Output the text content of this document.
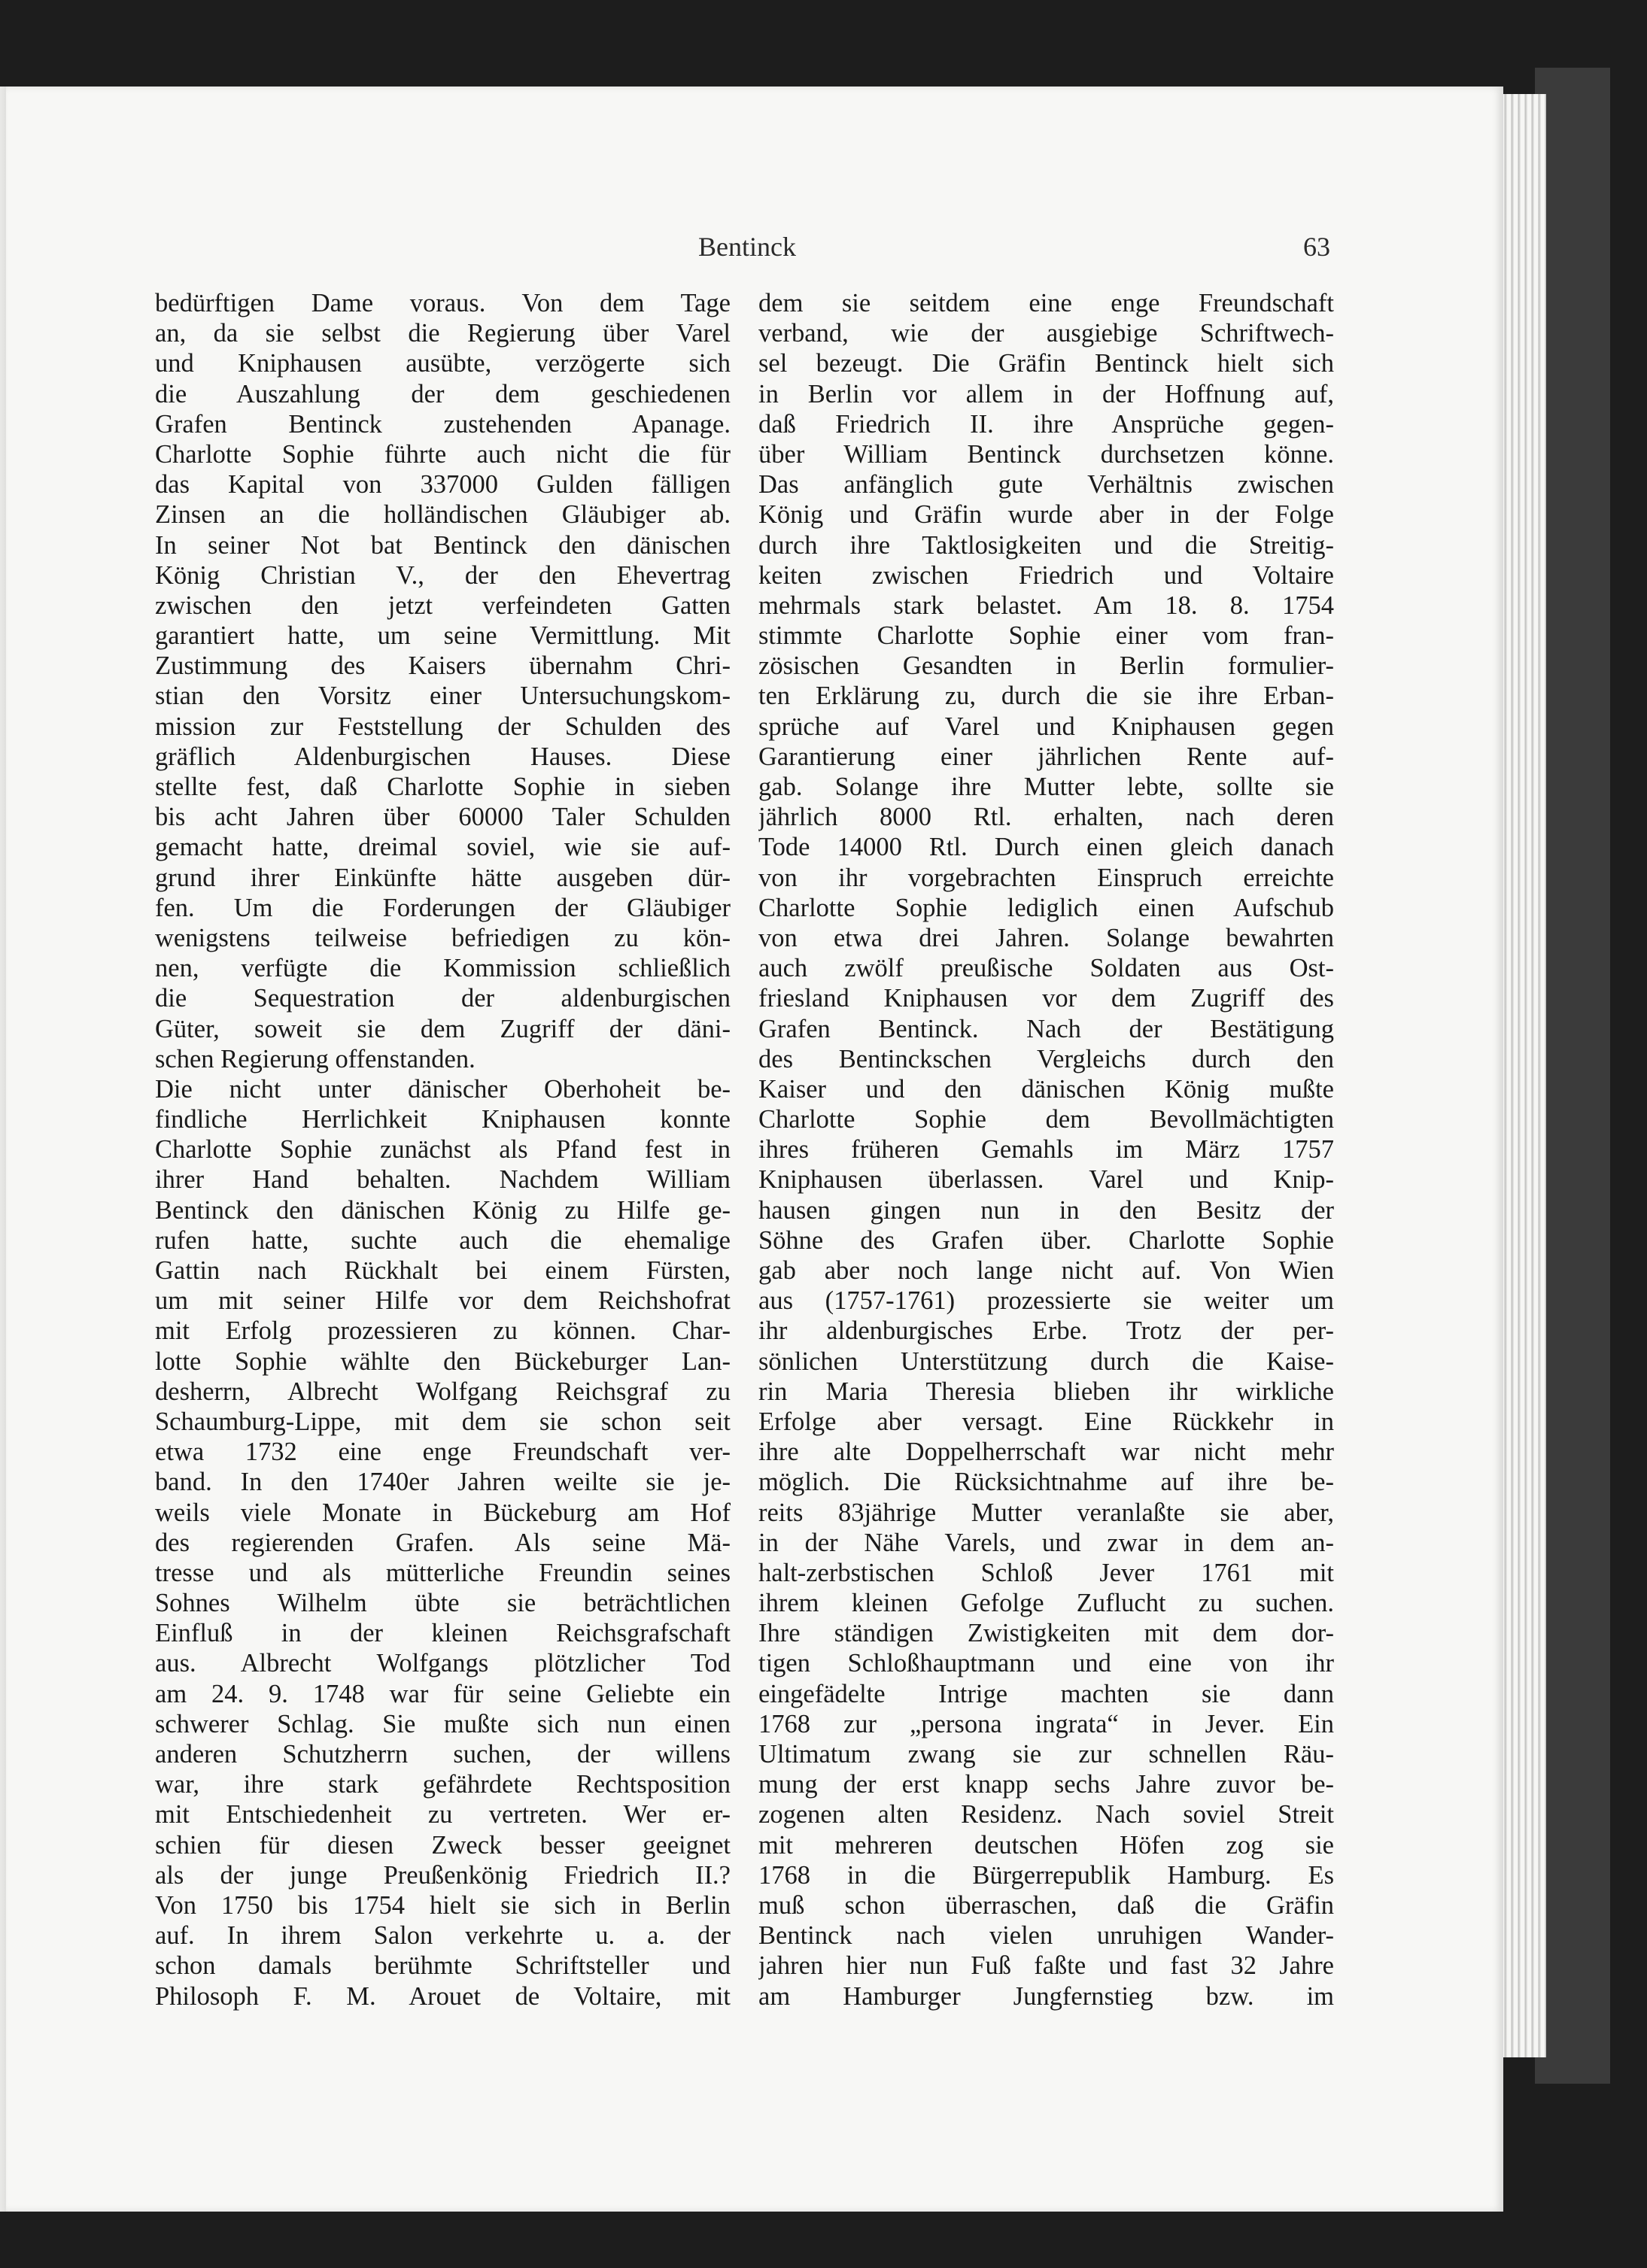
Bentinck	63
bedürftigen Dame voraus. Von dem Tage
an, da sie selbst die Regierung über Varel
und Kniphausen ausübte, verzögerte sich
die Auszahlung der dem geschiedenen
Grafen Bentinck zustehenden Apanage.
Charlotte Sophie führte auch nicht die für
das Kapital von 337000 Gulden fälligen
Zinsen an die holländischen Gläubiger ab.
In seiner Not bat Bentinck den dänischen
König Christian V., der den Ehevertrag
zwischen den jetzt verfeindeten Gatten
garantiert hatte, um seine Vermittlung. Mit
Zustimmung des Kaisers übernahm Chri-
stian den Vorsitz einer Untersuchungskom-
mission zur Feststellung der Schulden des
gräflich Aldenburgischen Hauses. Diese
stellte fest, daß Charlotte Sophie in sieben
bis acht Jahren über 60000 Taler Schulden
gemacht hatte, dreimal soviel, wie sie auf-
grund ihrer Einkünfte hätte ausgeben dür-
fen. Um die Forderungen der Gläubiger
wenigstens teilweise befriedigen zu kön-
nen, verfügte die Kommission schließlich
die Sequestration der aldenburgischen
Güter, soweit sie dem Zugriff der däni-
schen Regierung offenstanden.
Die nicht unter dänischer Oberhoheit be-
findliche Herrlichkeit Kniphausen konnte
Charlotte Sophie zunächst als Pfand fest in
ihrer Hand behalten. Nachdem William
Bentinck den dänischen König zu Hilfe ge-
rufen hatte, suchte auch die ehemalige
Gattin nach Rückhalt bei einem Fürsten,
um mit seiner Hilfe vor dem Reichshofrat
mit Erfolg prozessieren zu können. Char-
lotte Sophie wählte den Bückeburger Lan-
desherrn, Albrecht Wolfgang Reichsgraf zu
Schaumburg-Lippe, mit dem sie schon seit
etwa 1732 eine enge Freundschaft ver-
band. In den 1740er Jahren weilte sie je-
weils viele Monate in Bückeburg am Hof
des regierenden Grafen. Als seine Mä-
tresse und als mütterliche Freundin seines
Sohnes Wilhelm übte sie beträchtlichen
Einfluß in der kleinen Reichsgrafschaft
aus. Albrecht Wolfgangs plötzlicher Tod
am 24. 9. 1748 war für seine Geliebte ein
schwerer Schlag. Sie mußte sich nun einen
anderen Schutzherrn suchen, der willens
war, ihre stark gefährdete Rechtsposition
mit Entschiedenheit zu vertreten. Wer er-
schien für diesen Zweck besser geeignet
als der junge Preußenkönig Friedrich II.?
Von 1750 bis 1754 hielt sie sich in Berlin
auf. In ihrem Salon verkehrte u. a. der
schon damals berühmte Schriftsteller und
Philosoph F. M. Arouet de Voltaire, mit
dem sie seitdem eine enge Freundschaft
verband, wie der ausgiebige Schriftwech-
sel bezeugt. Die Gräfin Bentinck hielt sich
in Berlin vor allem in der Hoffnung auf,
daß Friedrich II. ihre Ansprüche gegen-
über William Bentinck durchsetzen könne.
Das anfänglich gute Verhältnis zwischen
König und Gräfin wurde aber in der Folge
durch ihre Taktlosigkeiten und die Streitig-
keiten zwischen Friedrich und Voltaire
mehrmals stark belastet. Am 18. 8. 1754
stimmte Charlotte Sophie einer vom fran-
zösischen Gesandten in Berlin formulier-
ten Erklärung zu, durch die sie ihre Erban-
sprüche auf Varel und Kniphausen gegen
Garantierung einer jährlichen Rente auf-
gab. Solange ihre Mutter lebte, sollte sie
jährlich 8000 Rtl. erhalten, nach deren
Tode 14000 Rtl. Durch einen gleich danach
von ihr vorgebrachten Einspruch erreichte
Charlotte Sophie lediglich einen Aufschub
von etwa drei Jahren. Solange bewahrten
auch zwölf preußische Soldaten aus Ost-
friesland Kniphausen vor dem Zugriff des
Grafen Bentinck. Nach der Bestätigung
des Bentinckschen Vergleichs durch den
Kaiser und den dänischen König mußte
Charlotte Sophie dem Bevollmächtigten
ihres früheren Gemahls im März 1757
Kniphausen überlassen. Varel und Knip-
hausen gingen nun in den Besitz der
Söhne des Grafen über. Charlotte Sophie
gab aber noch lange nicht auf. Von Wien
aus (1757-1761) prozessierte sie weiter um
ihr aldenburgisches Erbe. Trotz der per-
sönlichen Unterstützung durch die Kaise-
rin Maria Theresia blieben ihr wirkliche
Erfolge aber versagt. Eine Rückkehr in
ihre alte Doppelherrschaft war nicht mehr
möglich. Die Rücksichtnahme auf ihre be-
reits 83jährige Mutter veranlaßte sie aber,
in der Nähe Varels, und zwar in dem an-
halt-zerbstischen Schloß Jever 1761 mit
ihrem kleinen Gefolge Zuflucht zu suchen.
Ihre ständigen Zwistigkeiten mit dem dor-
tigen Schloßhauptmann und eine von ihr
eingefädelte Intrige machten sie dann
1768 zur „persona ingrata“ in Jever. Ein
Ultimatum zwang sie zur schnellen Räu-
mung der erst knapp sechs Jahre zuvor be-
zogenen alten Residenz. Nach soviel Streit
mit mehreren deutschen Höfen zog sie
1768 in die Bürgerrepublik Hamburg. Es
muß schon überraschen, daß die Gräfin
Bentinck nach vielen unruhigen Wander-
jahren hier nun Fuß faßte und fast 32 Jahre
am Hamburger Jungfernstieg bzw. im
